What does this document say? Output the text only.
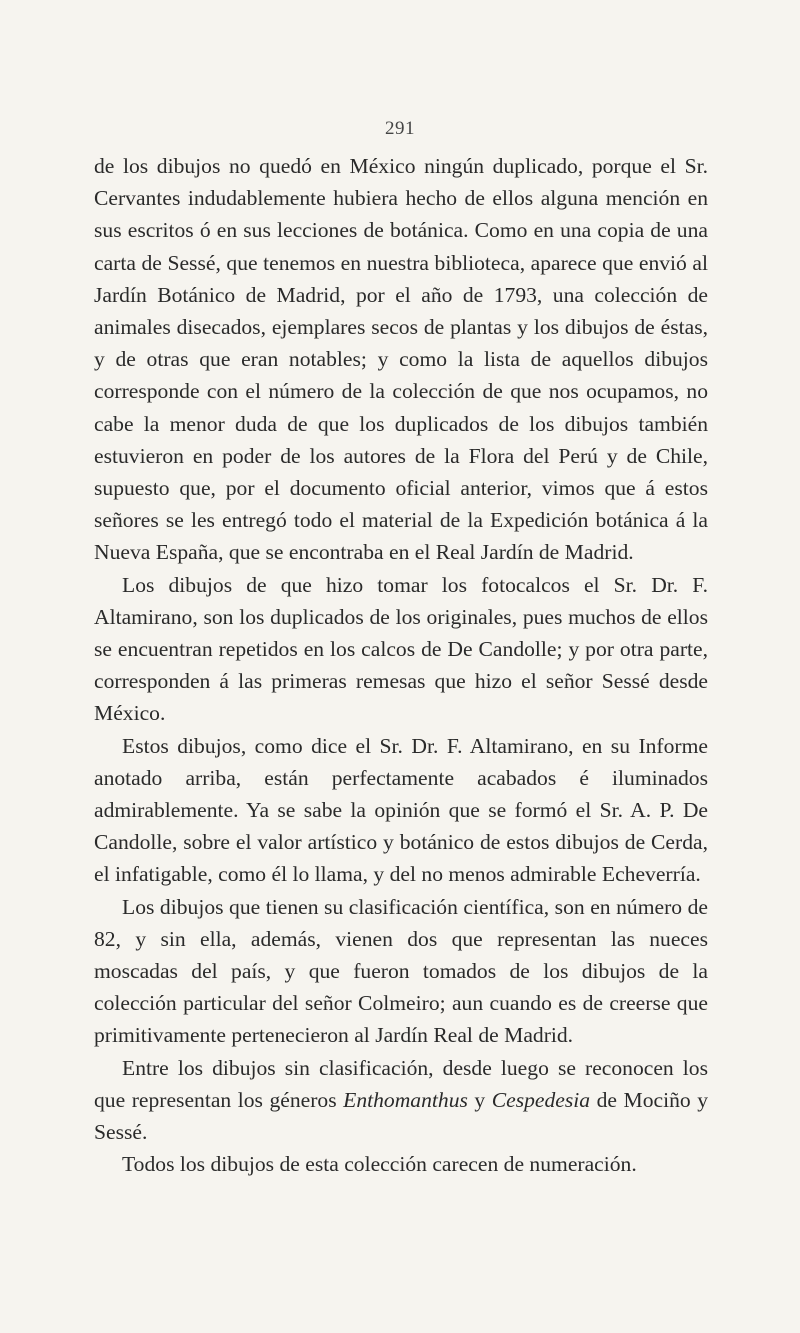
291

de los dibujos no quedó en México ningún duplicado, porque el Sr. Cervantes indudablemente hubiera hecho de ellos alguna mención en sus escritos ó en sus lecciones de botánica. Como en una copia de una carta de Sessé, que tenemos en nuestra biblioteca, aparece que envió al Jardín Botánico de Madrid, por el año de 1793, una colección de animales disecados, ejemplares secos de plantas y los dibujos de éstas, y de otras que eran notables; y como la lista de aquellos dibujos corresponde con el número de la colección de que nos ocupamos, no cabe la menor duda de que los duplicados de los dibujos también estuvieron en poder de los autores de la Flora del Perú y de Chile, supuesto que, por el documento oficial anterior, vimos que á estos señores se les entregó todo el material de la Expedición botánica á la Nueva España, que se encontraba en el Real Jardín de Madrid.

Los dibujos de que hizo tomar los fotocalcos el Sr. Dr. F. Altamirano, son los duplicados de los originales, pues muchos de ellos se encuentran repetidos en los calcos de De Candolle; y por otra parte, corresponden á las primeras remesas que hizo el señor Sessé desde México.

Estos dibujos, como dice el Sr. Dr. F. Altamirano, en su Informe anotado arriba, están perfectamente acabados é iluminados admirablemente. Ya se sabe la opinión que se formó el Sr. A. P. De Candolle, sobre el valor artístico y botánico de estos dibujos de Cerda, el infatigable, como él lo llama, y del no menos admirable Echeverría.

Los dibujos que tienen su clasificación científica, son en número de 82, y sin ella, además, vienen dos que representan las nueces moscadas del país, y que fueron tomados de los dibujos de la colección particular del señor Colmeiro; aun cuando es de creerse que primitivamente pertenecieron al Jardín Real de Madrid.

Entre los dibujos sin clasificación, desde luego se reconocen los que representan los géneros Enthomanthus y Cespedesia de Mociño y Sessé.

Todos los dibujos de esta colección carecen de numeración.
